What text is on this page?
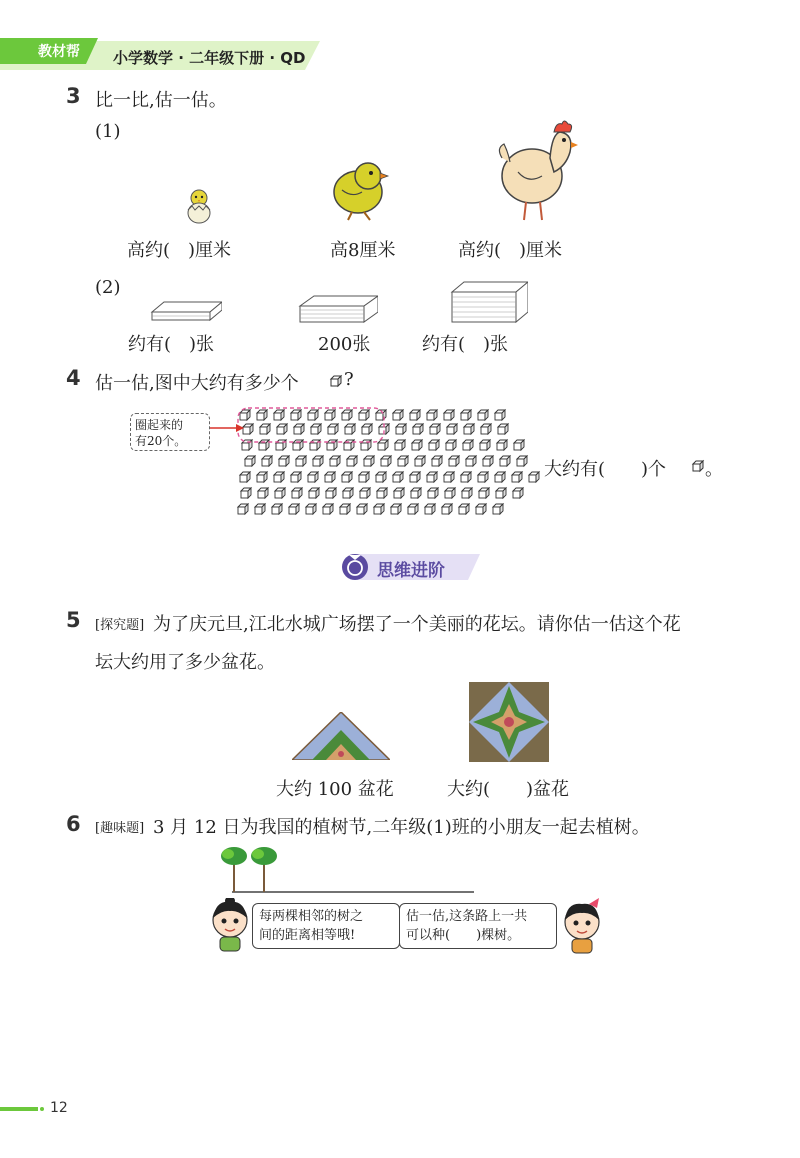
教材帮 小学数学 · 二年级下册 · QD
3 比一比,估一估。
(1)
高约(　)厘米	高8厘米	高约(　)厘米
(2)
约有(　)张	200张	约有(　)张
4 估一估,图中大约有多少个	?
圈起来的
有20个。
大约有(　　)个 。
思维进阶
5 [探究题] 为了庆元旦,江北水城广场摆了一个美丽的花坛。请你估一估这个花
坛大约用了多少盆花。
大约 100 盆花	大约(　　)盆花
6 [趣味题] 3 月 12 日为我国的植树节,二年级(1)班的小朋友一起去植树。
每两棵相邻的树之
间的距离相等哦!
估一估,这条路上一共
可以种(　　)棵树。
12
